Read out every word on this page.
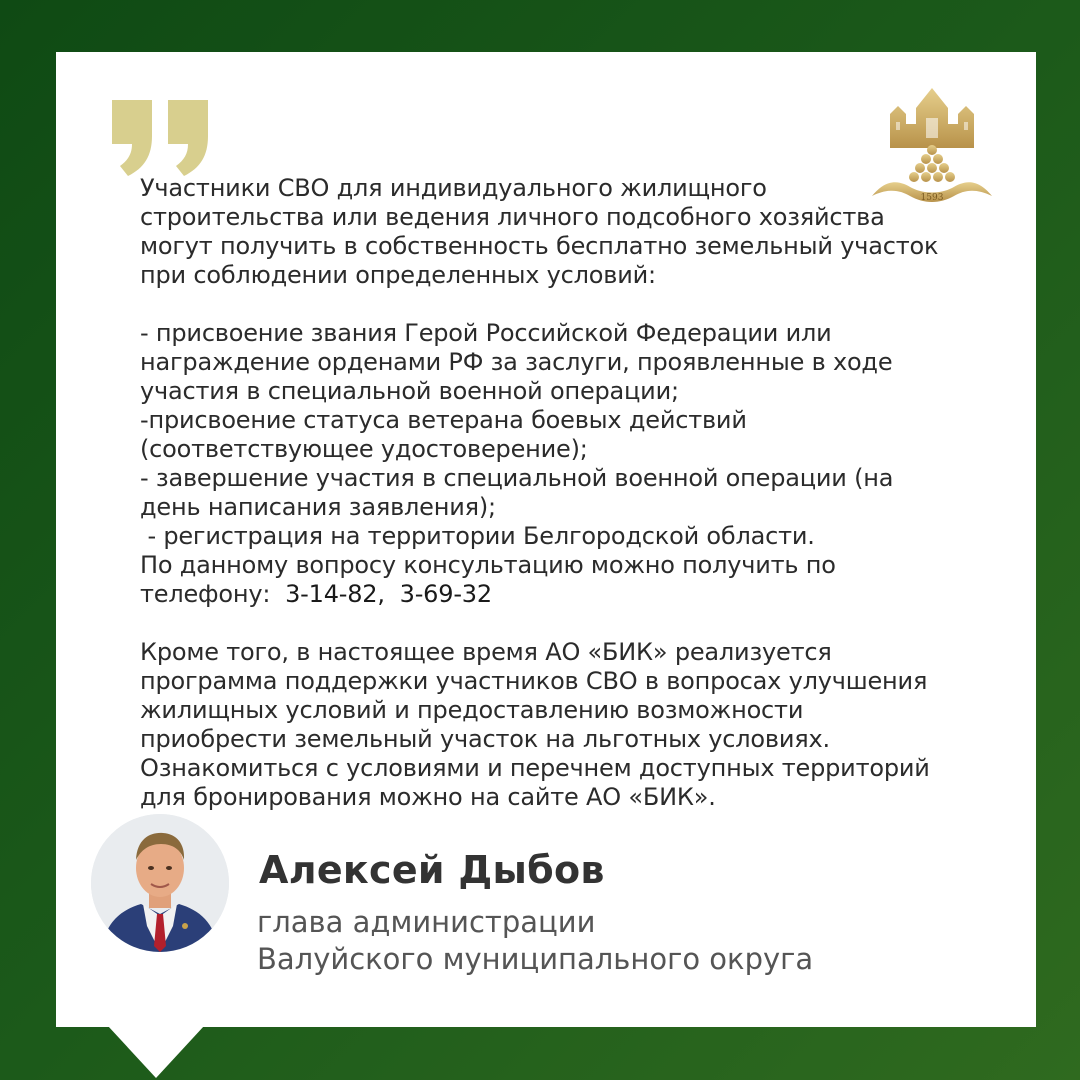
1593

Участники СВО для индивидуального жилищного

строительства или ведения личного подсобного хозяйства

могут получить в собственность бесплатно земельный участок

при соблюдении определенных условий:

- присвоение звания Герой Российской Федерации или

награждение орденами РФ за заслуги, проявленные в ходе

участия в специальной военной операции;

-присвоение статуса ветерана боевых действий

(соответствующее удостоверение);

- завершение участия в специальной военной операции (на

день написания заявления);

- регистрация на территории Белгородской области.

По данному вопросу консультацию можно получить по

телефону:  3-14-82,  3-69-32

Кроме того, в настоящее время АО «БИК» реализуется

программа поддержки участников СВО в вопросах улучшения

жилищных условий и предоставлению возможности

приобрести земельный участок на льготных условиях.

Ознакомиться с условиями и перечнем доступных территорий

для бронирования можно на сайте АО «БИК».

Алексей Дыбов
глава администрации
Валуйского муниципального округа
